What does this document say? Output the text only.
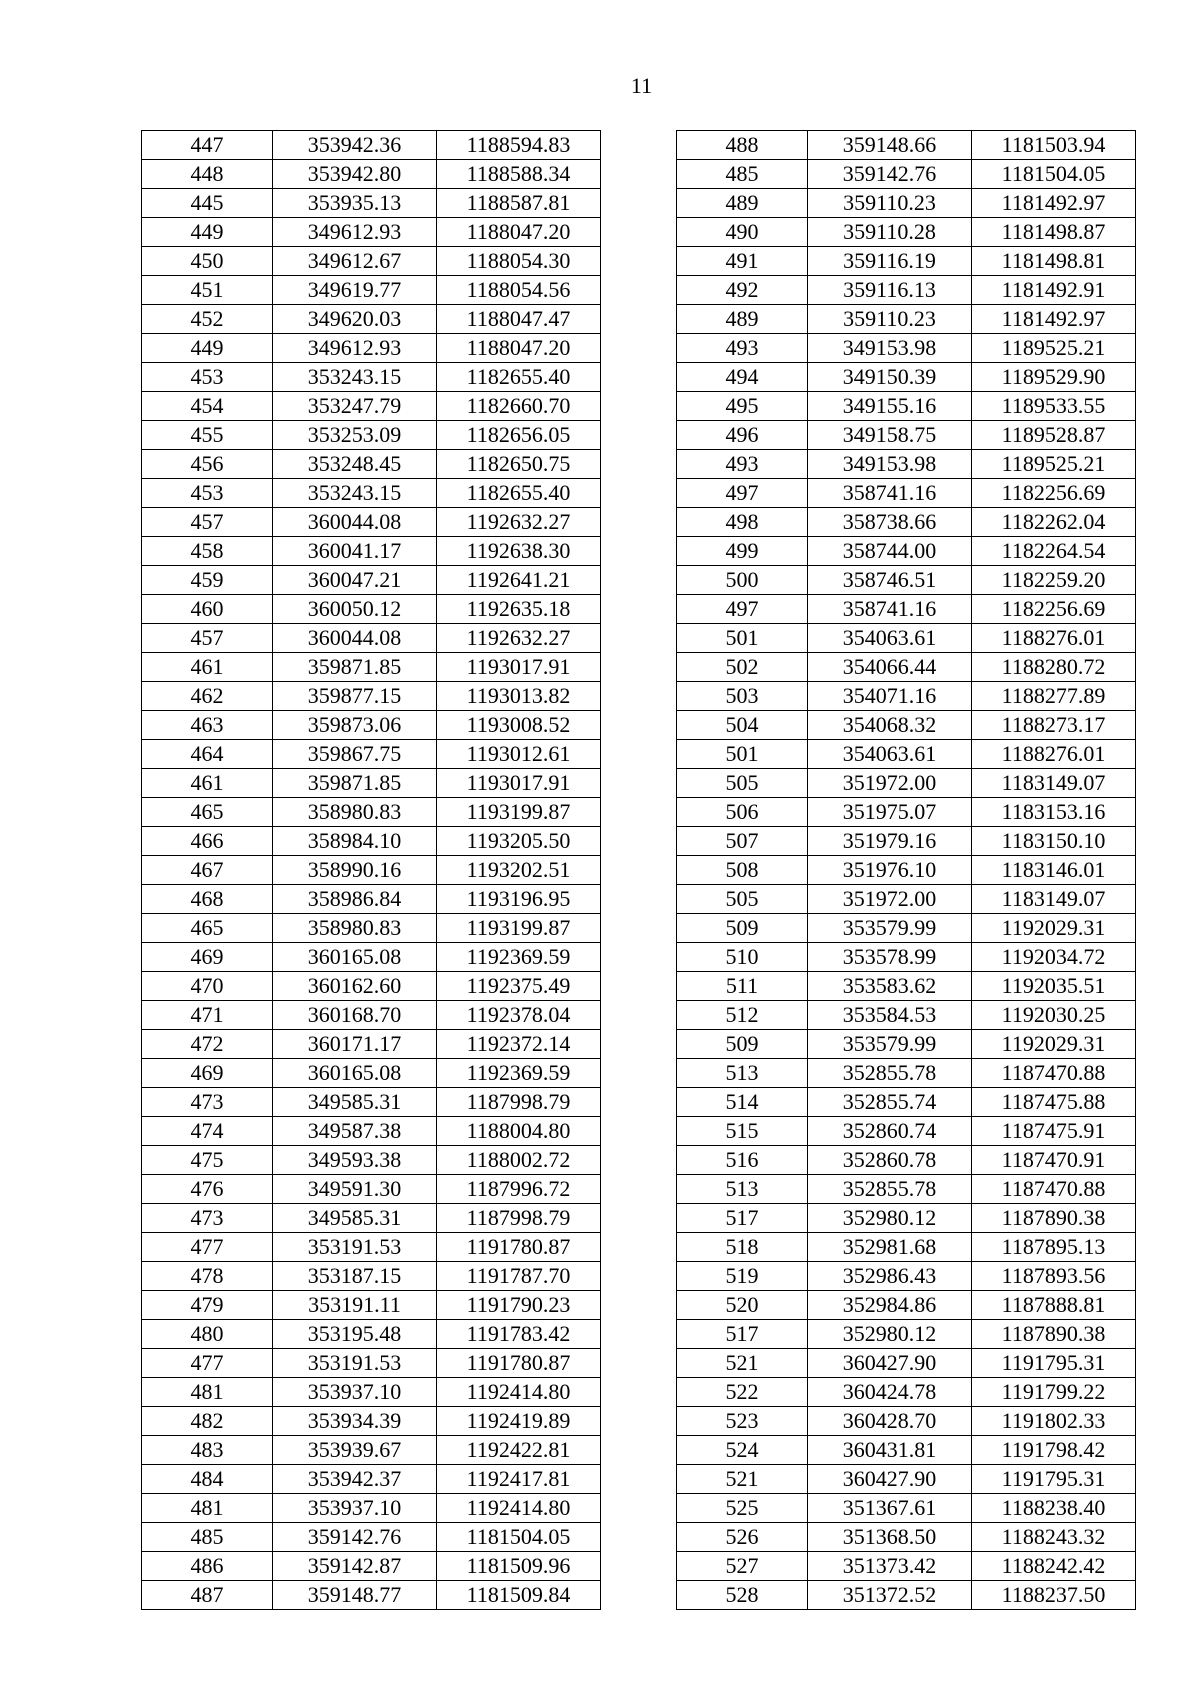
11
447	353942.36	1188594.83
448	353942.80	1188588.34
445	353935.13	1188587.81
449	349612.93	1188047.20
450	349612.67	1188054.30
451	349619.77	1188054.56
452	349620.03	1188047.47
449	349612.93	1188047.20
453	353243.15	1182655.40
454	353247.79	1182660.70
455	353253.09	1182656.05
456	353248.45	1182650.75
453	353243.15	1182655.40
457	360044.08	1192632.27
458	360041.17	1192638.30
459	360047.21	1192641.21
460	360050.12	1192635.18
457	360044.08	1192632.27
461	359871.85	1193017.91
462	359877.15	1193013.82
463	359873.06	1193008.52
464	359867.75	1193012.61
461	359871.85	1193017.91
465	358980.83	1193199.87
466	358984.10	1193205.50
467	358990.16	1193202.51
468	358986.84	1193196.95
465	358980.83	1193199.87
469	360165.08	1192369.59
470	360162.60	1192375.49
471	360168.70	1192378.04
472	360171.17	1192372.14
469	360165.08	1192369.59
473	349585.31	1187998.79
474	349587.38	1188004.80
475	349593.38	1188002.72
476	349591.30	1187996.72
473	349585.31	1187998.79
477	353191.53	1191780.87
478	353187.15	1191787.70
479	353191.11	1191790.23
480	353195.48	1191783.42
477	353191.53	1191780.87
481	353937.10	1192414.80
482	353934.39	1192419.89
483	353939.67	1192422.81
484	353942.37	1192417.81
481	353937.10	1192414.80
485	359142.76	1181504.05
486	359142.87	1181509.96
487	359148.77	1181509.84
488	359148.66	1181503.94
485	359142.76	1181504.05
489	359110.23	1181492.97
490	359110.28	1181498.87
491	359116.19	1181498.81
492	359116.13	1181492.91
489	359110.23	1181492.97
493	349153.98	1189525.21
494	349150.39	1189529.90
495	349155.16	1189533.55
496	349158.75	1189528.87
493	349153.98	1189525.21
497	358741.16	1182256.69
498	358738.66	1182262.04
499	358744.00	1182264.54
500	358746.51	1182259.20
497	358741.16	1182256.69
501	354063.61	1188276.01
502	354066.44	1188280.72
503	354071.16	1188277.89
504	354068.32	1188273.17
501	354063.61	1188276.01
505	351972.00	1183149.07
506	351975.07	1183153.16
507	351979.16	1183150.10
508	351976.10	1183146.01
505	351972.00	1183149.07
509	353579.99	1192029.31
510	353578.99	1192034.72
511	353583.62	1192035.51
512	353584.53	1192030.25
509	353579.99	1192029.31
513	352855.78	1187470.88
514	352855.74	1187475.88
515	352860.74	1187475.91
516	352860.78	1187470.91
513	352855.78	1187470.88
517	352980.12	1187890.38
518	352981.68	1187895.13
519	352986.43	1187893.56
520	352984.86	1187888.81
517	352980.12	1187890.38
521	360427.90	1191795.31
522	360424.78	1191799.22
523	360428.70	1191802.33
524	360431.81	1191798.42
521	360427.90	1191795.31
525	351367.61	1188238.40
526	351368.50	1188243.32
527	351373.42	1188242.42
528	351372.52	1188237.50
